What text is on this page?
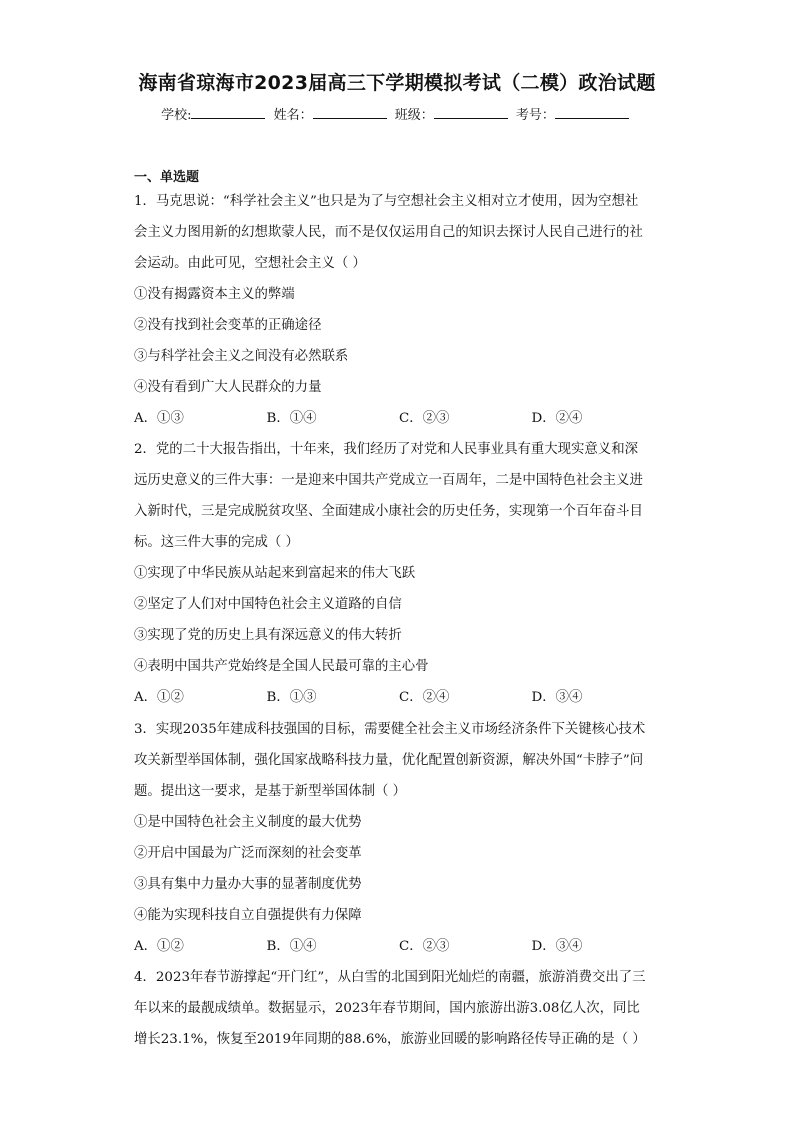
海南省琼海市2023届高三下学期模拟考试（二模）政治试题
学校:	姓名：	班级：	考号：
一、单选题
1．马克思说：“科学社会主义”也只是为了与空想社会主义相对立才使用，因为空想社
会主义力图用新的幻想欺蒙人民，而不是仅仅运用自己的知识去探讨人民自己进行的社
会运动。由此可见，空想社会主义（ ）
①没有揭露资本主义的弊端
②没有找到社会变革的正确途径
③与科学社会主义之间没有必然联系
④没有看到广大人民群众的力量
A．①③	B．①④	C．②③	D．②④
2．党的二十大报告指出，十年来，我们经历了对党和人民事业具有重大现实意义和深
远历史意义的三件大事：一是迎来中国共产党成立一百周年，二是中国特色社会主义进
入新时代，三是完成脱贫攻坚、全面建成小康社会的历史任务，实现第一个百年奋斗目
标。这三件大事的完成（ ）
①实现了中华民族从站起来到富起来的伟大飞跃
②坚定了人们对中国特色社会主义道路的自信
③实现了党的历史上具有深远意义的伟大转折
④表明中国共产党始终是全国人民最可靠的主心骨
A．①②	B．①③	C．②④	D．③④
3．实现2035年建成科技强国的目标，需要健全社会主义市场经济条件下关键核心技术
攻关新型举国体制，强化国家战略科技力量，优化配置创新资源，解决外国“卡脖子”问
题。提出这一要求，是基于新型举国体制（ ）
①是中国特色社会主义制度的最大优势
②开启中国最为广泛而深刻的社会变革
③具有集中力量办大事的显著制度优势
④能为实现科技自立自强提供有力保障
A．①②	B．①④	C．②③	D．③④
4．2023年春节游撑起“开门红”，从白雪的北国到阳光灿烂的南疆，旅游消费交出了三
年以来的最靓成绩单。数据显示，2023年春节期间，国内旅游出游3.08亿人次，同比
增长23.1%，恢复至2019年同期的88.6%，旅游业回暖的影响路径传导正确的是（ ）
